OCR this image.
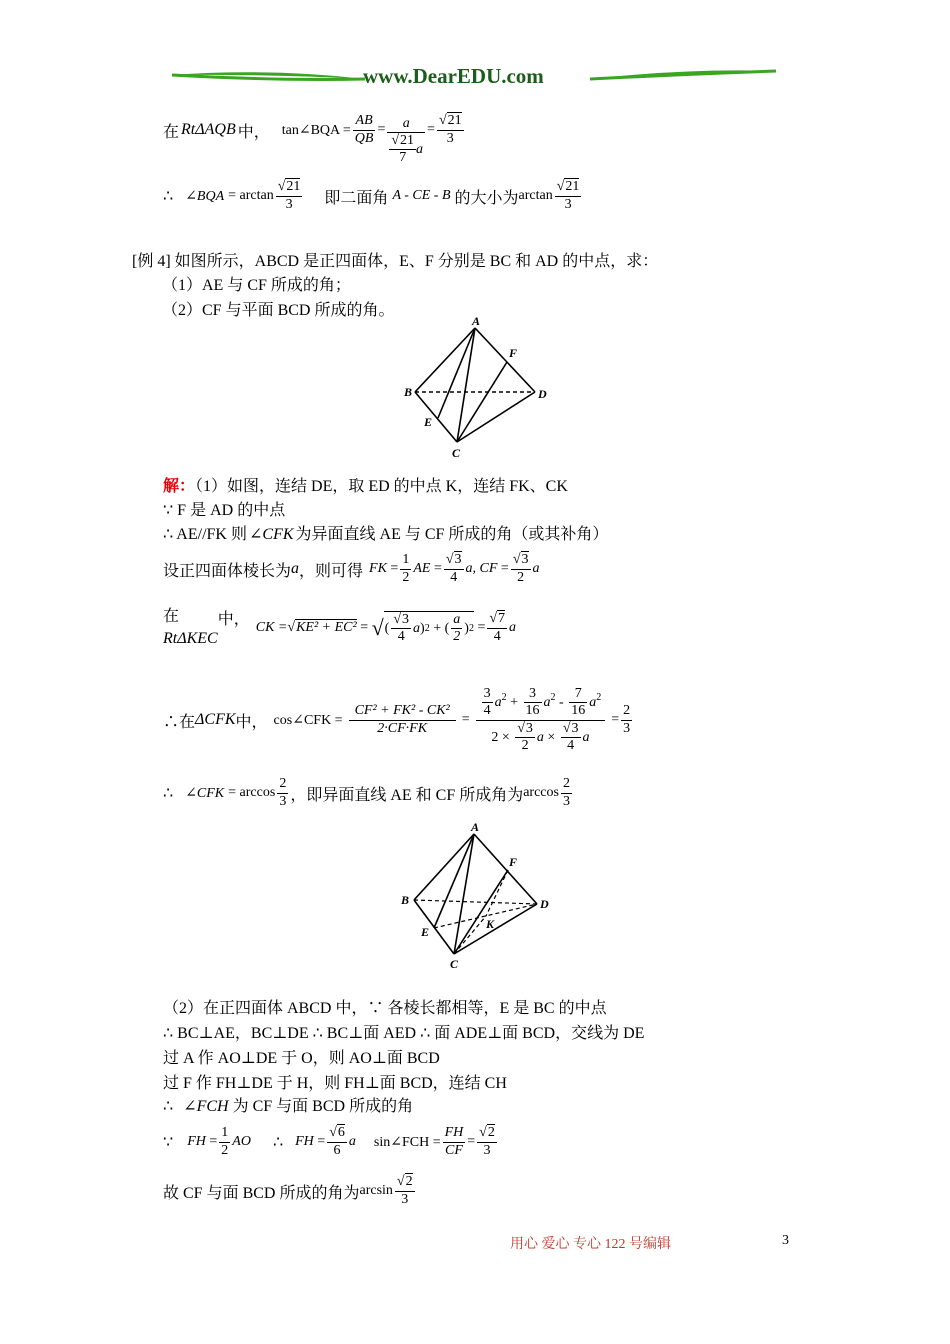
www.DearEDU.com
在 RtΔAQB 中， tan∠BQA = $\frac{AB}{QB} = \frac{a}{\frac{√21}{7} a} = \frac{√21}{3}$
∴ ∠BQA = $\arctan \frac{√21}{3}$ 即二面角 A - CE - B 的大小为 $\arctan \frac{√21}{3}$
[例 4] 如图所示，ABCD 是正四面体，E、F 分别是 BC 和 AD 的中点，求：
（1）AE 与 CF 所成的角；
（2）CF 与平面 BCD 所成的角。
A
F
B	D
E
C
解：（1）如图，连结 DE，取 ED 的中点 K，连结 FK、CK
∵ F 是 AD 的中点
∴ AE//FK 则 ∠CFK 为异面直线 AE 与 CF 所成的角（或其补角）
设正四面体棱长为 a ，则可得 FK = $\frac{1}{2}$ AE = $\frac{√3}{4} a$, CF = $\frac{√3}{2}$ a
在
RtΔKEC
中， CK = √KE² + EC² = √ ( $\frac{√3}{4}$ a ) 2 + ( $\frac{a}{2}$ ) $2 = \frac{√7}{4}$ a
∴在 ΔCFK 中， cos∠CFK = $\frac{\text{CF² + FK² - CK²}}{2\cdot CF\cdot FK} = \frac{\frac{3}{4} a^2 + \frac{3}{16} a^2 - \frac{7}{16} a^2}{2 \times \frac{√3}{2} a \times \frac{√3}{4} a} = \frac{2}{3}$
∴ ∠CFK = $\arccos \frac{2}{3}$ ，即异面直线 AE 和 CF 所成角为 $\arccos \frac{2}{3}$
A
F
B	D
K
E
C
（2）在正四面体 ABCD 中，∵ 各棱长都相等，E 是 BC 的中点
∴ BC⊥AE，BC⊥DE ∴ BC⊥面 AED ∴ 面 ADE⊥面 BCD，交线为 DE
过 A 作 AO⊥DE 于 O，则 AO⊥面 BCD
过 F 作 FH⊥DE 于 H，则 FH⊥面 BCD，连结 CH
∴ ∠FCH 为 CF 与面 BCD 所成的角
∵ FH = $\frac{1}{2}$ AO ∴ FH = $\frac{√6}{6}$ a sin∠FCH = $\frac{FH}{CF} = \frac{√2}{3}$
故 CF 与面 BCD 所成的角为 $\arcsin \frac{√2}{3}$
用心 爱心 专心 122 号编辑	3
